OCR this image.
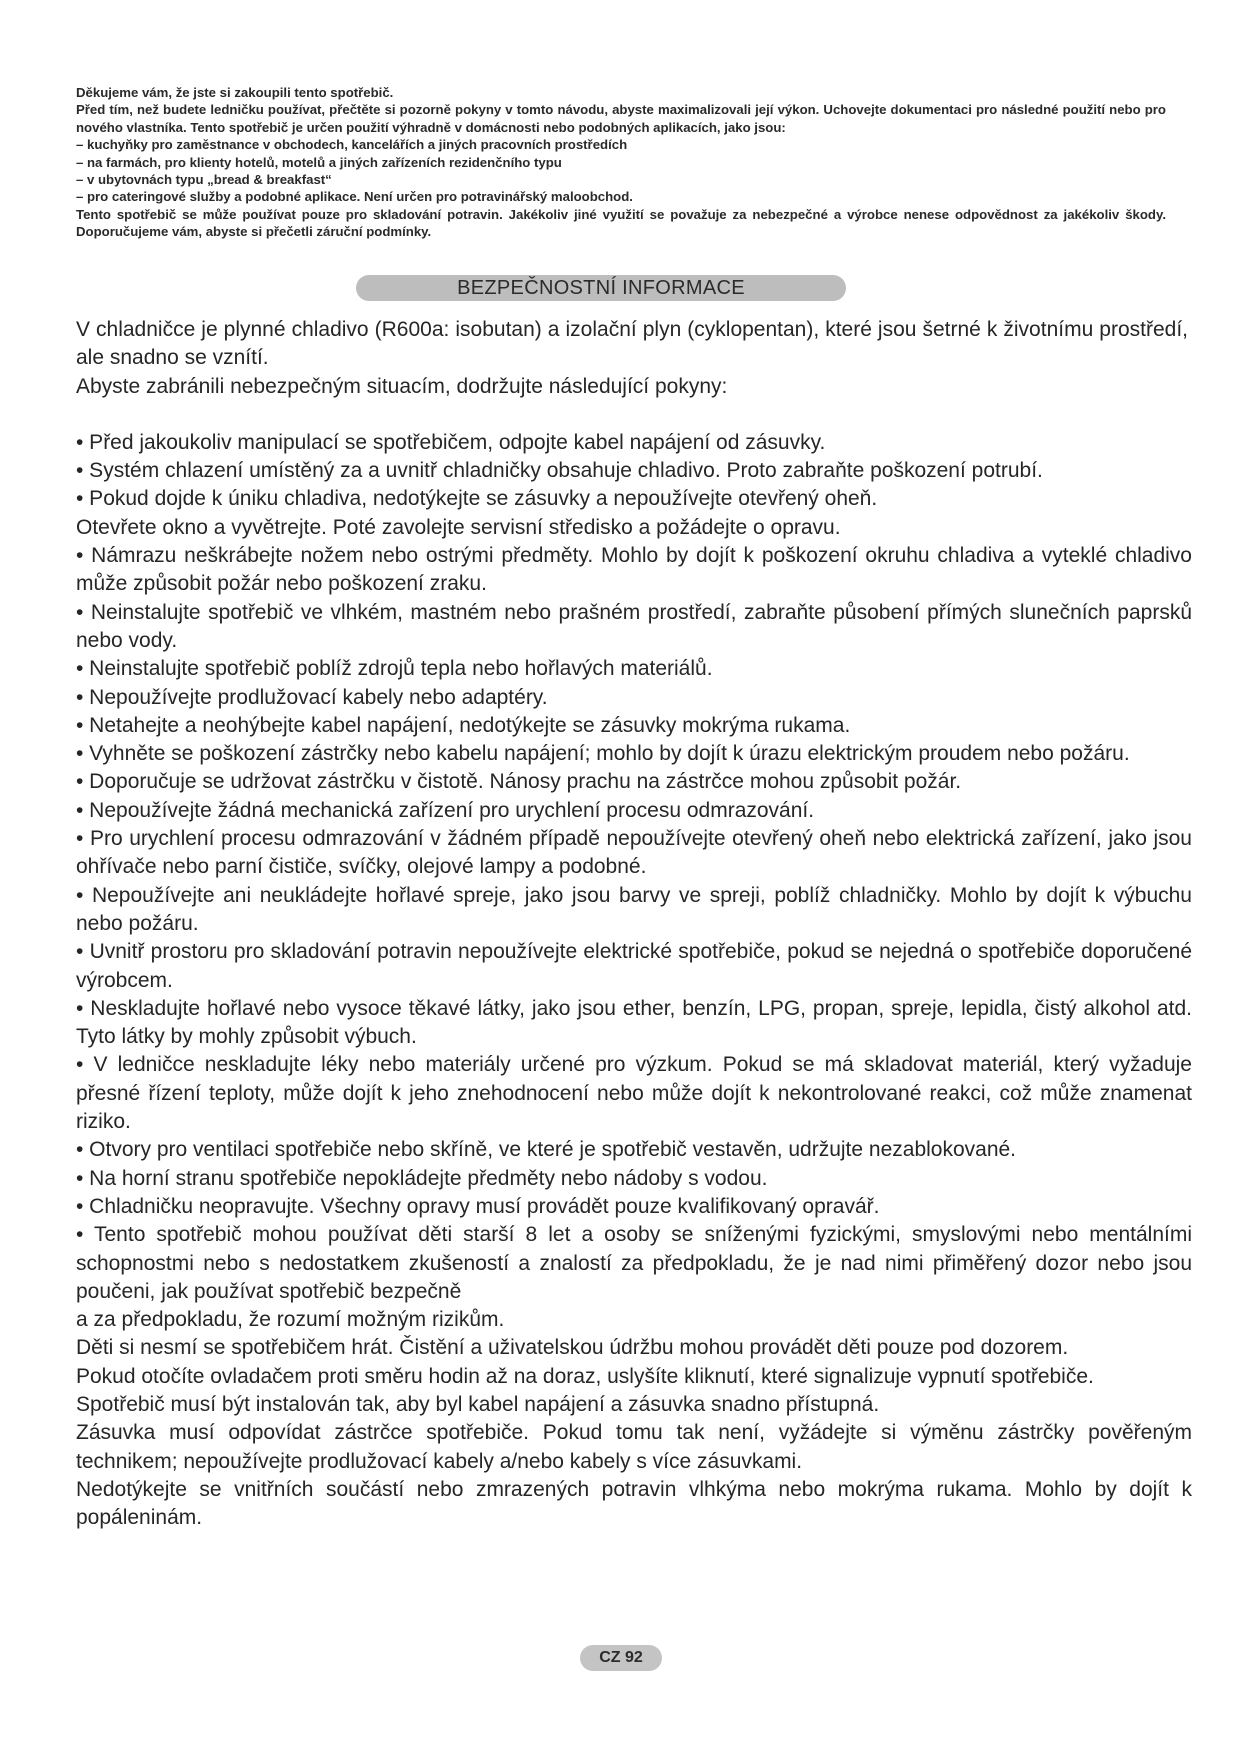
Děkujeme vám, že jste si zakoupili tento spotřebič.

Před tím, než budete ledničku používat, přečtěte si pozorně pokyny v tomto návodu, abyste maximalizovali její výkon. Uchovejte dokumentaci pro následné použití nebo pro nového vlastníka. Tento spotřebič je určen použití výhradně v domácnosti nebo podobných aplikacích, jako jsou:

– kuchyňky pro zaměstnance v obchodech, kancelářích a jiných pracovních prostředích

– na farmách, pro klienty hotelů, motelů a jiných zařízeních rezidenčního typu

– v ubytovnách typu „bread & breakfast“

– pro cateringové služby a podobné aplikace. Není určen pro potravinářský maloobchod.

Tento spotřebič se může používat pouze pro skladování potravin. Jakékoliv jiné využití se považuje za nebezpečné a výrobce nenese odpovědnost za jakékoliv škody. Doporučujeme vám, abyste si přečetli záruční podmínky.

BEZPEČNOSTNÍ INFORMACE

V chladničce je plynné chladivo (R600a: isobutan) a izolační plyn (cyklopentan), které jsou šetrné k životnímu prostředí, ale snadno se vznítí.

Abyste zabránili nebezpečným situacím, dodržujte následující pokyny:

• Před jakoukoliv manipulací se spotřebičem, odpojte kabel napájení od zásuvky.

• Systém chlazení umístěný za a uvnitř chladničky obsahuje chladivo. Proto zabraňte poškození potrubí.

• Pokud dojde k úniku chladiva, nedotýkejte se zásuvky a nepoužívejte otevřený oheň.

Otevřete okno a vyvětrejte. Poté zavolejte servisní středisko a požádejte o opravu.

• Námrazu neškrábejte nožem nebo ostrými předměty. Mohlo by dojít k poškození okruhu chladiva a vyteklé chladivo může způsobit požár nebo poškození zraku.

• Neinstalujte spotřebič ve vlhkém, mastném nebo prašném prostředí, zabraňte působení přímých slunečních paprsků nebo vody.

• Neinstalujte spotřebič poblíž zdrojů tepla nebo hořlavých materiálů.

• Nepoužívejte prodlužovací kabely nebo adaptéry.

• Netahejte a neohýbejte kabel napájení, nedotýkejte se zásuvky mokrýma rukama.

• Vyhněte se poškození zástrčky nebo kabelu napájení; mohlo by dojít k úrazu elektrickým proudem nebo požáru.

• Doporučuje se udržovat zástrčku v čistotě. Nánosy prachu na zástrčce mohou způsobit požár.

• Nepoužívejte žádná mechanická zařízení pro urychlení procesu odmrazování.

• Pro urychlení procesu odmrazování v žádném případě nepoužívejte otevřený oheň nebo elektrická zařízení, jako jsou ohřívače nebo parní čističe, svíčky, olejové lampy a podobné.

• Nepoužívejte ani neukládejte hořlavé spreje, jako jsou barvy ve spreji, poblíž chladničky. Mohlo by dojít k výbuchu nebo požáru.

• Uvnitř prostoru pro skladování potravin nepoužívejte elektrické spotřebiče, pokud se nejedná o spotřebiče doporučené výrobcem.

• Neskladujte hořlavé nebo vysoce těkavé látky, jako jsou ether, benzín, LPG, propan, spreje, lepidla, čistý alkohol atd. Tyto látky by mohly způsobit výbuch.

• V ledničce neskladujte léky nebo materiály určené pro výzkum. Pokud se má skladovat materiál, který vyžaduje přesné řízení teploty, může dojít k jeho znehodnocení nebo může dojít k nekontrolované reakci, což může znamenat riziko.

• Otvory pro ventilaci spotřebiče nebo skříně, ve které je spotřebič vestavěn, udržujte nezablokované.

• Na horní stranu spotřebiče nepokládejte předměty nebo nádoby s vodou.

• Chladničku neopravujte. Všechny opravy musí provádět pouze kvalifikovaný opravář.

• Tento spotřebič mohou používat děti starší 8 let a osoby se sníženými fyzickými, smyslovými nebo mentálními schopnostmi nebo s nedostatkem zkušeností a znalostí za předpokladu, že je nad nimi přiměřený dozor nebo jsou poučeni, jak používat spotřebič bezpečně

a za předpokladu, že rozumí možným rizikům.

Děti si nesmí se spotřebičem hrát. Čistění a uživatelskou údržbu mohou provádět děti pouze pod dozorem.

Pokud otočíte ovladačem proti směru hodin až na doraz, uslyšíte kliknutí, které signalizuje vypnutí spotřebiče.

Spotřebič musí být instalován tak, aby byl kabel napájení a zásuvka snadno přístupná.

Zásuvka musí odpovídat zástrčce spotřebiče. Pokud tomu tak není, vyžádejte si výměnu zástrčky pověřeným technikem; nepoužívejte prodlužovací kabely a/nebo kabely s více zásuvkami.

Nedotýkejte se vnitřních součástí nebo zmrazených potravin vlhkýma nebo mokrýma rukama. Mohlo by dojít k popáleninám.

CZ 92
